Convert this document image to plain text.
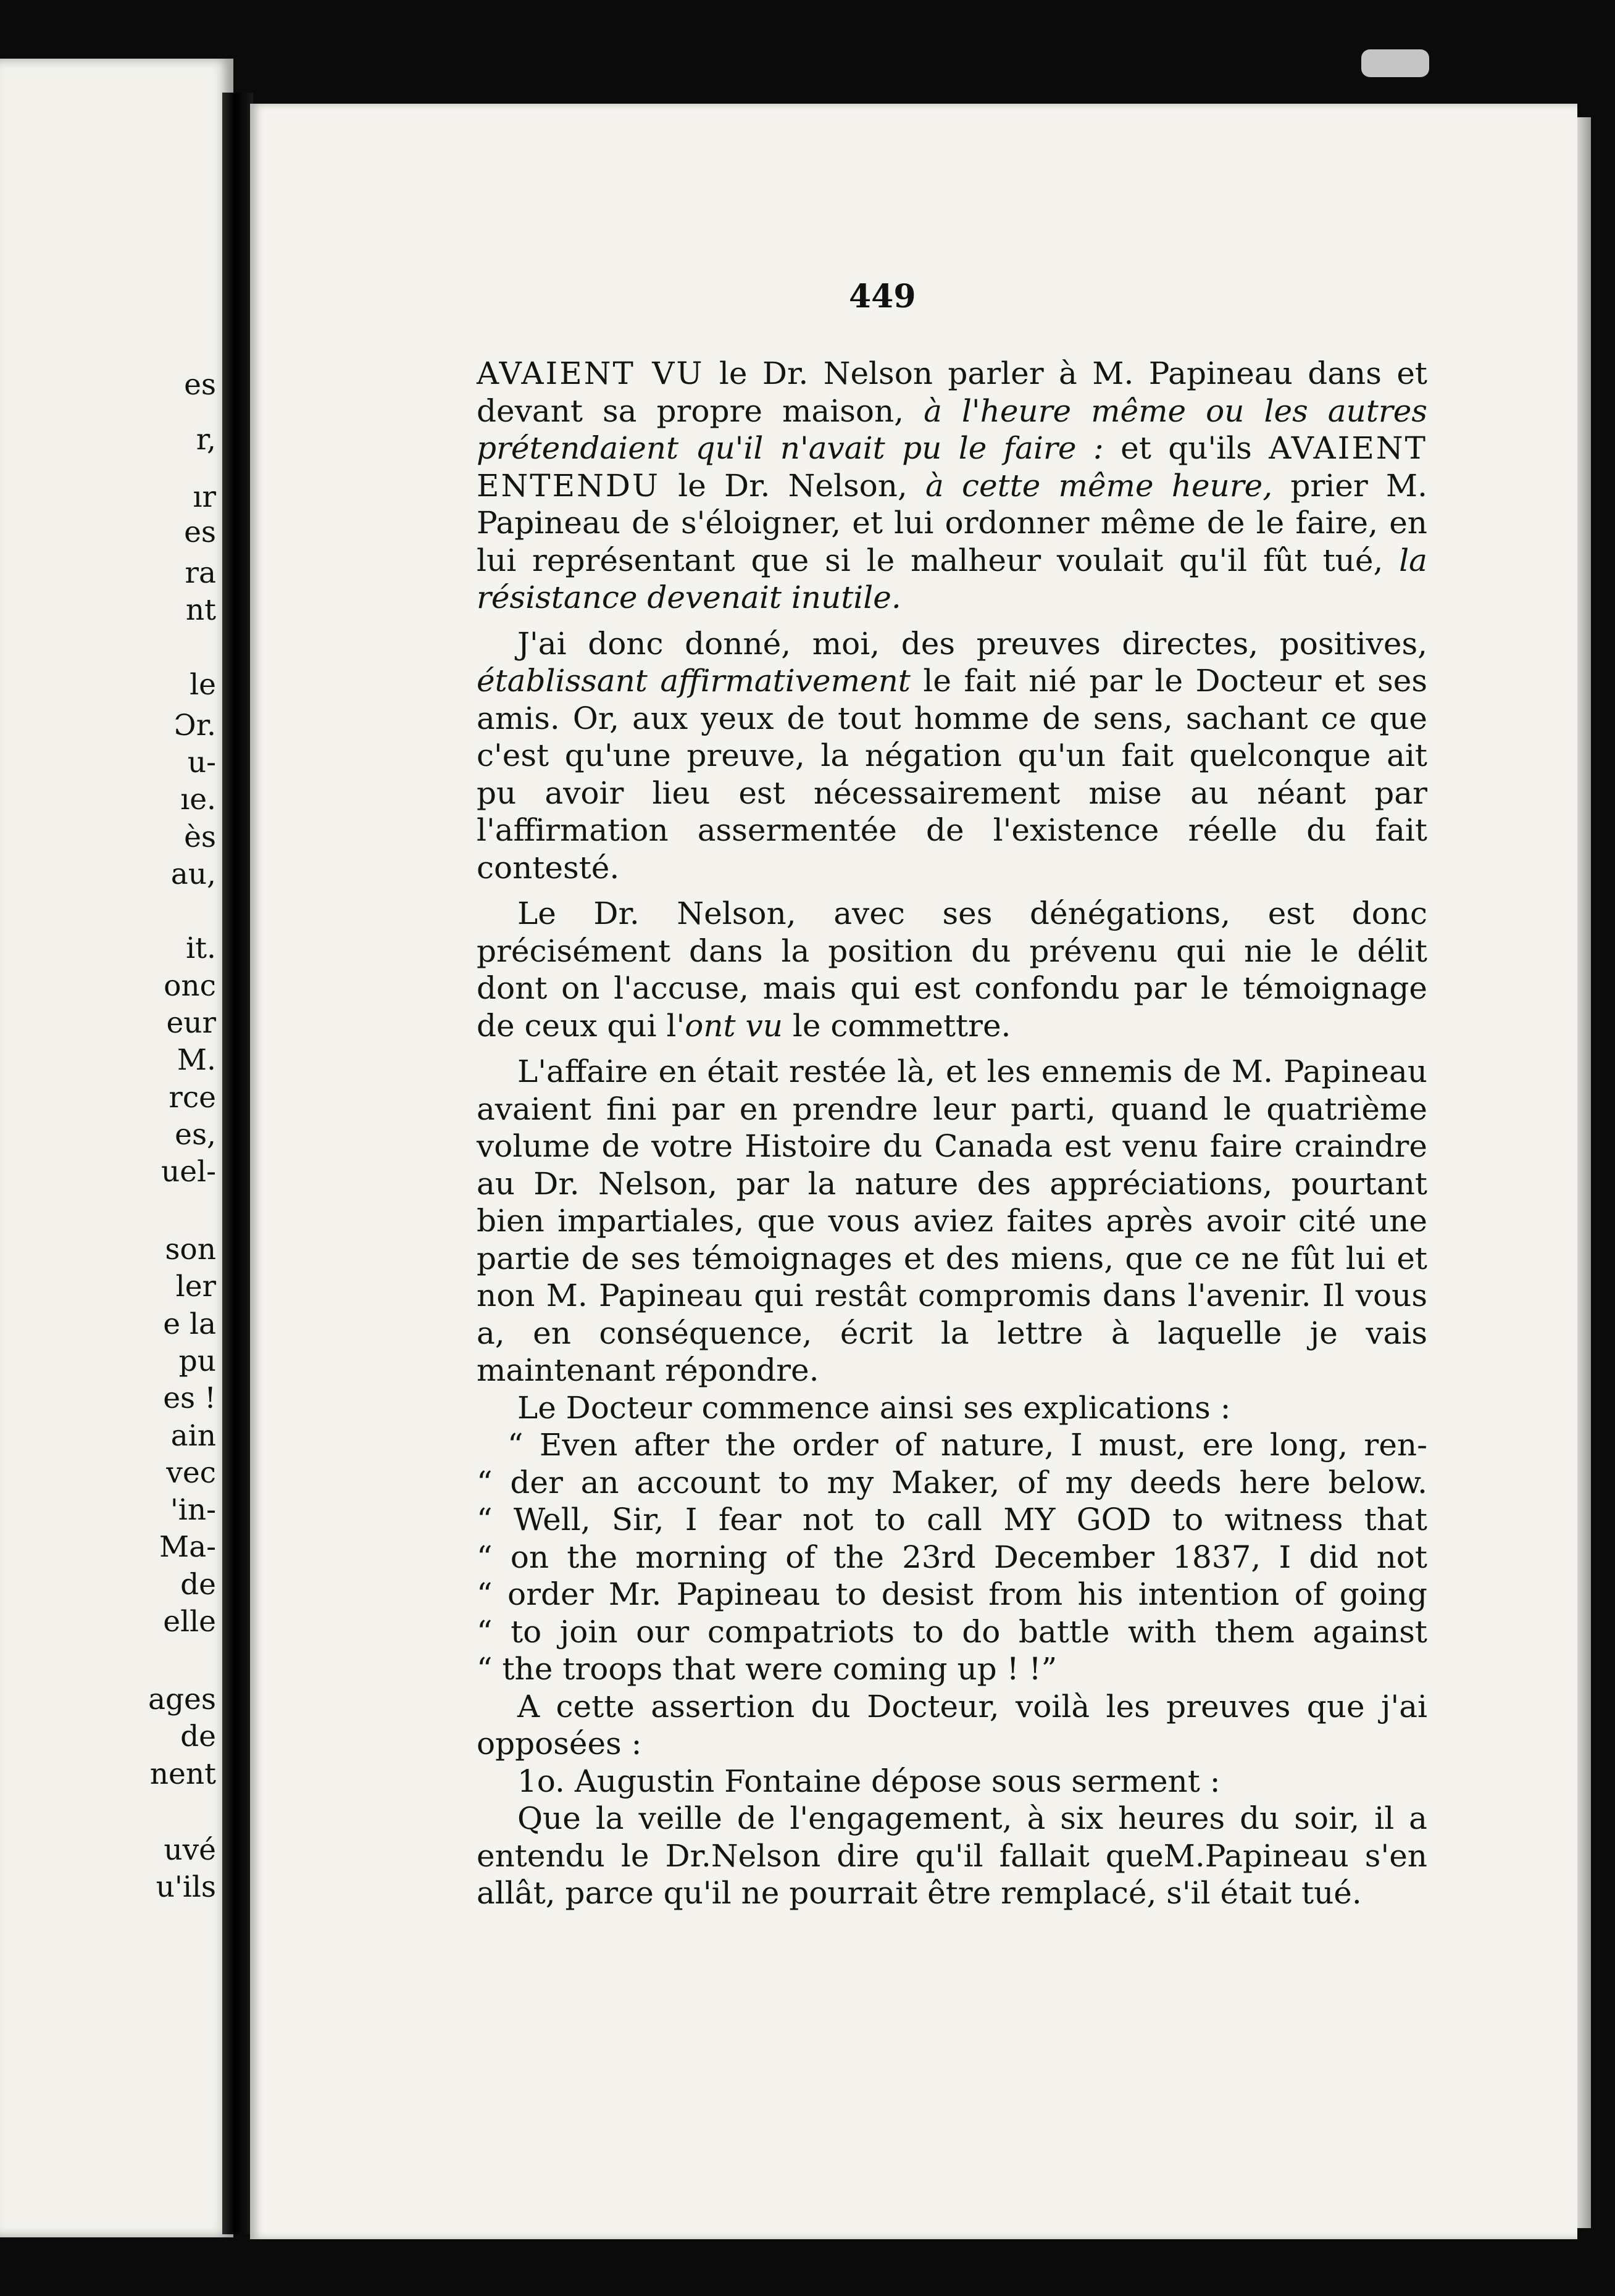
es
r,
ır
es
ra
nt
le
Ɔr.
u-
ıe.
ès
au,
it.
onc
eur
M.
rce
es,
uel-
son
ler
e la
pu
es !
ain
vec
'in-
Ma-
de
elle
ages
de
nent
uvé
u'ils
449

AVAIENT VU le Dr. Nelson parler à M. Papineau dans et devant sa propre maison, à l'heure même ou les autres prétendaient qu'il n'avait pu le faire : et qu'ils AVAIENT ENTENDU le Dr. Nelson, à cette même heure, prier M. Papineau de s'éloigner, et lui ordonner même de le faire, en lui représentant que si le malheur voulait qu'il fût tué, la résistance devenait inutile.

J'ai donc donné, moi, des preuves directes, positives, établissant affirmativement le fait nié par le Docteur et ses amis. Or, aux yeux de tout homme de sens, sachant ce que c'est qu'une preuve, la négation qu'un fait quelconque ait pu avoir lieu est nécessairement mise au néant par l'affirmation assermentée de l'existence réelle du fait contesté.

Le Dr. Nelson, avec ses dénégations, est donc précisément dans la position du prévenu qui nie le délit dont on l'accuse, mais qui est confondu par le témoignage de ceux qui l'ont vu le commettre.

L'affaire en était restée là, et les ennemis de M. Papineau avaient fini par en prendre leur parti, quand le quatrième volume de votre Histoire du Canada est venu faire craindre au Dr. Nelson, par la nature des appréciations, pourtant bien impartiales, que vous aviez faites après avoir cité une partie de ses témoignages et des miens, que ce ne fût lui et non M. Papineau qui restât compromis dans l'avenir. Il vous a, en conséquence, écrit la lettre à laquelle je vais maintenant répondre.

Le Docteur commence ainsi ses explications :

“ Even after the order of nature, I must, ere long, ren-

“ der an account to my Maker, of my deeds here below.

“ Well, Sir, I fear not to call MY GOD to witness that

“ on the morning of the 23rd December 1837, I did not

“ order Mr. Papineau to desist from his intention of going

“ to join our compatriots to do battle with them against

“ the troops that were coming up ! !”

A cette assertion du Docteur, voilà les preuves que j'ai opposées :

1o. Augustin Fontaine dépose sous serment :

Que la veille de l'engagement, à six heures du soir, il a entendu le Dr.Nelson dire qu'il fallait queM.Papineau s'en allât, parce qu'il ne pourrait être remplacé, s'il était tué.
